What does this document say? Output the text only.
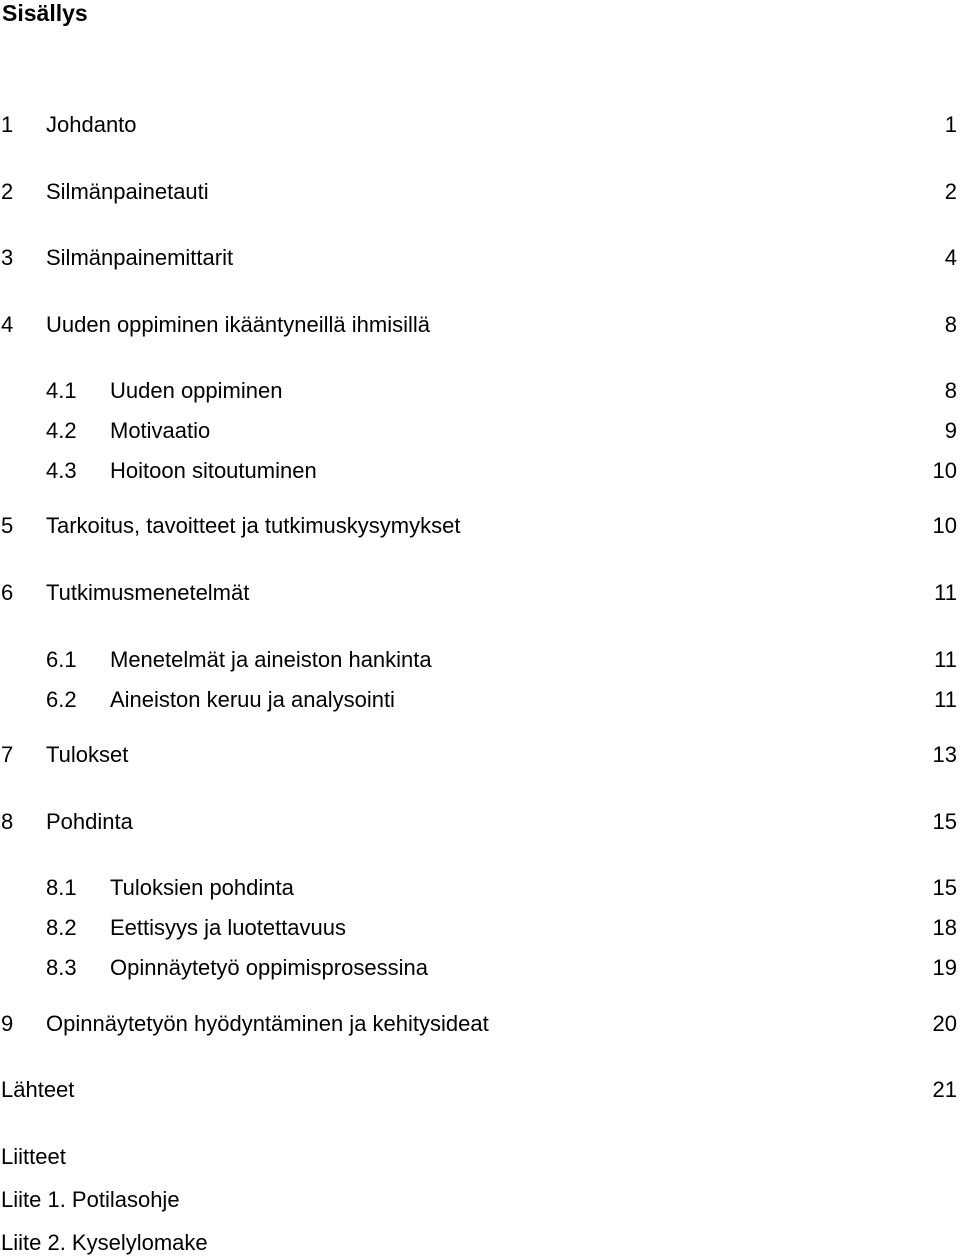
Sisällys
1 Johdanto	1
2 Silmänpainetauti	2
3 Silmänpainemittarit	4
4 Uuden oppiminen ikääntyneillä ihmisillä	8
4.1 Uuden oppiminen	8
4.2 Motivaatio	9
4.3 Hoitoon sitoutuminen	10
5 Tarkoitus, tavoitteet ja tutkimuskysymykset	10
6 Tutkimusmenetelmät	11
6.1 Menetelmät ja aineiston hankinta	11
6.2 Aineiston keruu ja analysointi	11
7 Tulokset	13
8 Pohdinta	15
8.1 Tuloksien pohdinta	15
8.2 Eettisyys ja luotettavuus	18
8.3 Opinnäytetyö oppimisprosessina	19
9 Opinnäytetyön hyödyntäminen ja kehitysideat	20
Lähteet	21
Liitteet
Liite 1. Potilasohje
Liite 2. Kyselylomake
